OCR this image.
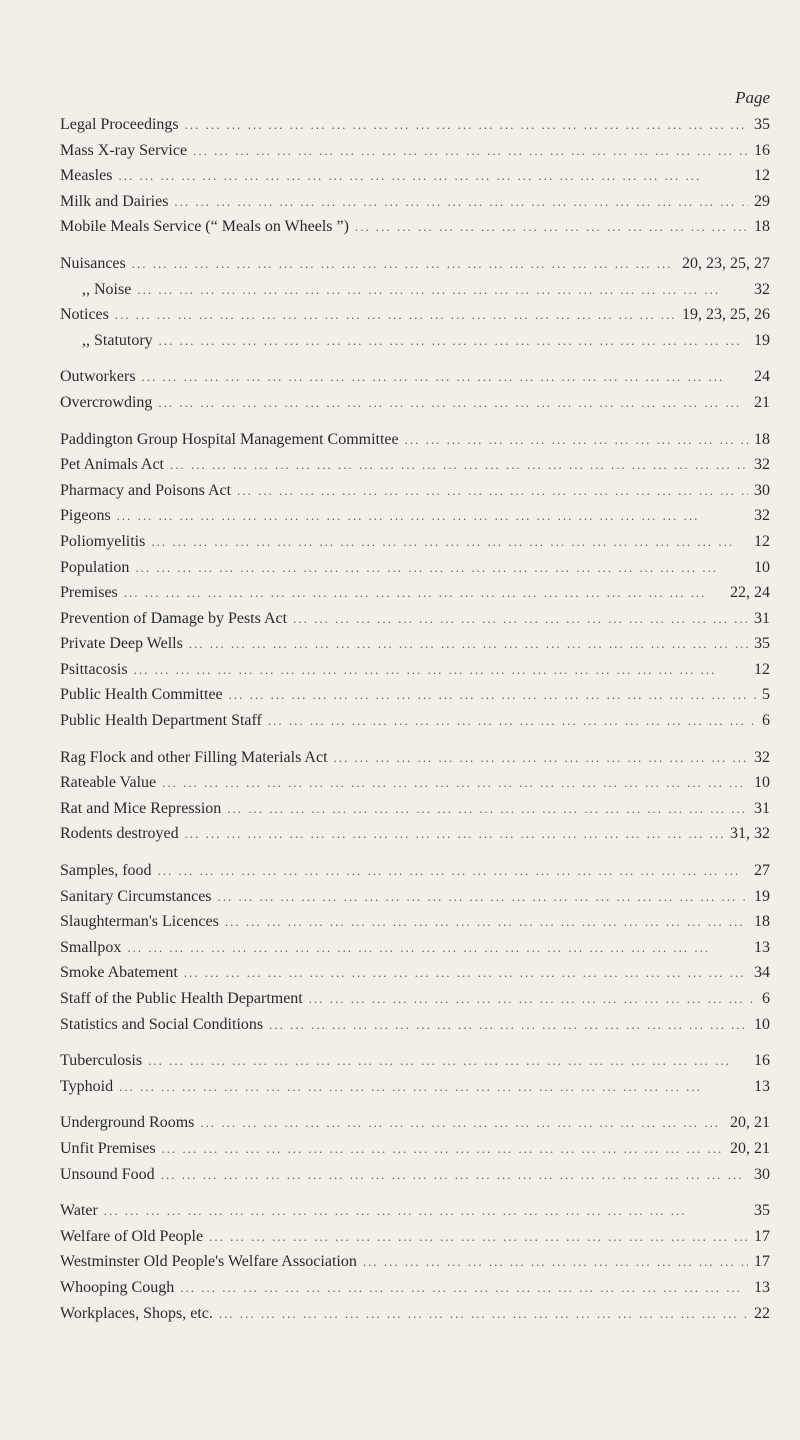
Page
Legal Proceedings ... .	35
Mass X-ray Service ... .	16
Measles ... .	12
Milk and Dairies ... .	29
Mobile Meals Service (“ Meals on Wheels ”) ... .	18
Nuisances ... .	20, 23, 25, 27
,, Noise ... .	32
Notices ... .	19, 23, 25, 26
,, Statutory ... .	19
Outworkers ... .	24
Overcrowding ... .	21
Paddington Group Hospital Management Committee ... .	18
Pet Animals Act ... .	32
Pharmacy and Poisons Act ... .	30
Pigeons ... .	32
Poliomyelitis ... .	12
Population ... .	10
Premises ... .	22, 24
Prevention of Damage by Pests Act ... .	31
Private Deep Wells ... .	35
Psittacosis ... .	12
Public Health Committee ... .	5
Public Health Department Staff ... .	6
Rag Flock and other Filling Materials Act ... .	32
Rateable Value ... .	10
Rat and Mice Repression ... .	31
Rodents destroyed ... .	31, 32
Samples, food ... .	27
Sanitary Circumstances ... .	19
Slaughterman's Licences ... .	18
Smallpox ... .	13
Smoke Abatement ... .	34
Staff of the Public Health Department ... .	6
Statistics and Social Conditions ... .	10
Tuberculosis ... .	16
Typhoid ... .	13
Underground Rooms ... .	20, 21
Unfit Premises ... .	20, 21
Unsound Food ... .	30
Water ... .	35
Welfare of Old People ... .	17
Westminster Old People's Welfare Association ... .	17
Whooping Cough ... .	13
Workplaces, Shops, etc. ... .	22
